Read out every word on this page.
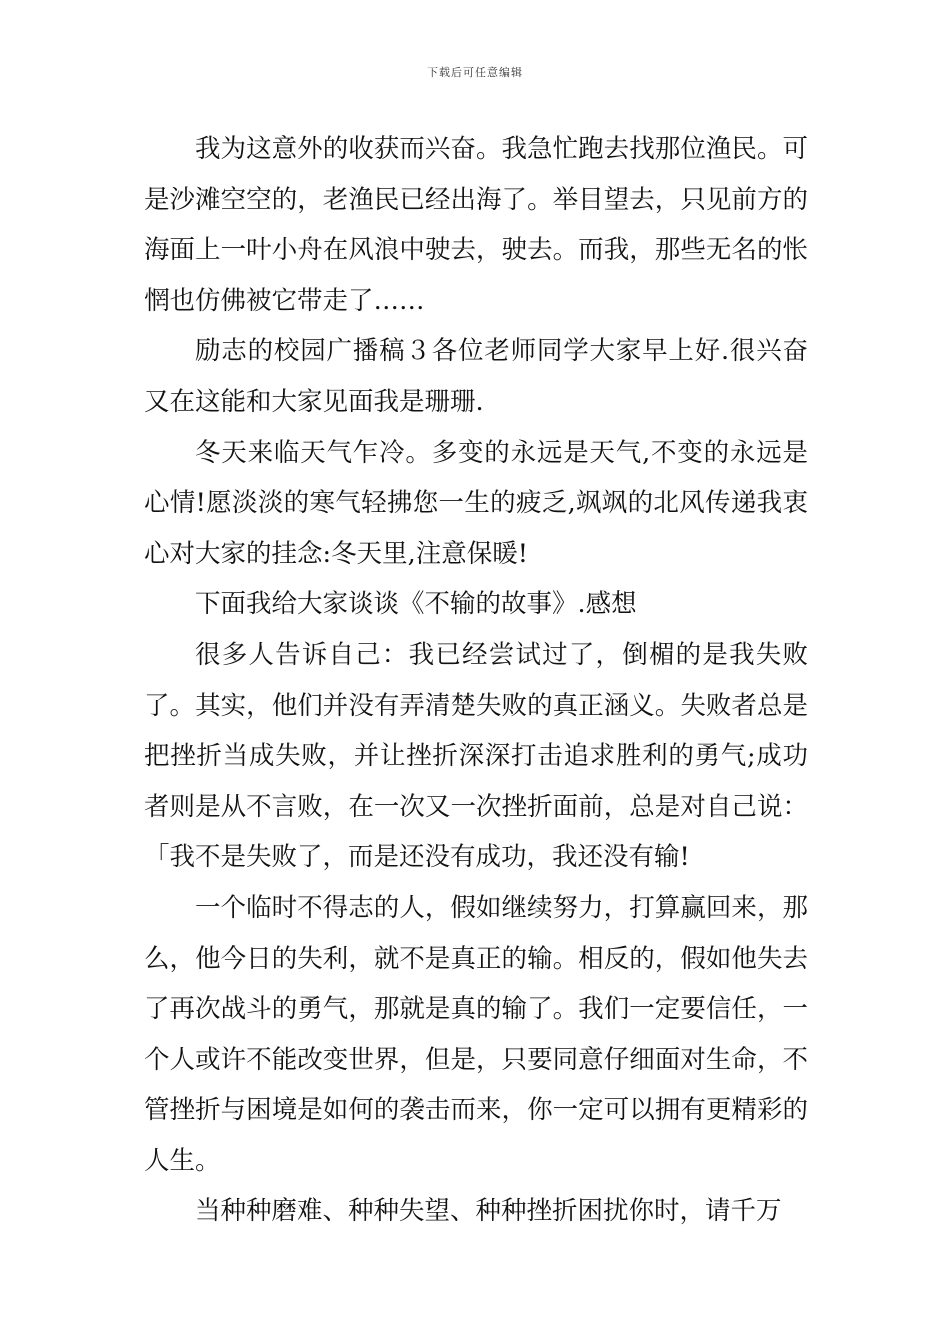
下载后可任意编辑

我为这意外的收获而兴奋。我急忙跑去找那位渔民。可是沙滩空空的，老渔民已经出海了。举目望去，只见前方的海面上一叶小舟在风浪中驶去，驶去。而我，那些无名的怅惘也仿佛被它带走了……

励志的校园广播稿３各位老师同学大家早上好.很兴奋又在这能和大家见面我是珊珊.

冬天来临天气乍冷。多变的永远是天气,不变的永远是心情!愿淡淡的寒气轻拂您一生的疲乏,飒飒的北风传递我衷心对大家的挂念:冬天里,注意保暖!

下面我给大家谈谈《不输的故事》.感想

很多人告诉自己：我已经尝试过了，倒楣的是我失败了。其实，他们并没有弄清楚失败的真正涵义。失败者总是把挫折当成失败，并让挫折深深打击追求胜利的勇气;成功者则是从不言败，在一次又一次挫折面前，总是对自己说：「我不是失败了，而是还没有成功，我还没有输!

一个临时不得志的人，假如继续努力，打算赢回来，那么，他今日的失利，就不是真正的输。相反的，假如他失去了再次战斗的勇气，那就是真的输了。我们一定要信任，一个人或许不能改变世界，但是，只要同意仔细面对生命，不管挫折与困境是如何的袭击而来，你一定可以拥有更精彩的人生。

当种种磨难、种种失望、种种挫折困扰你时，请千万
